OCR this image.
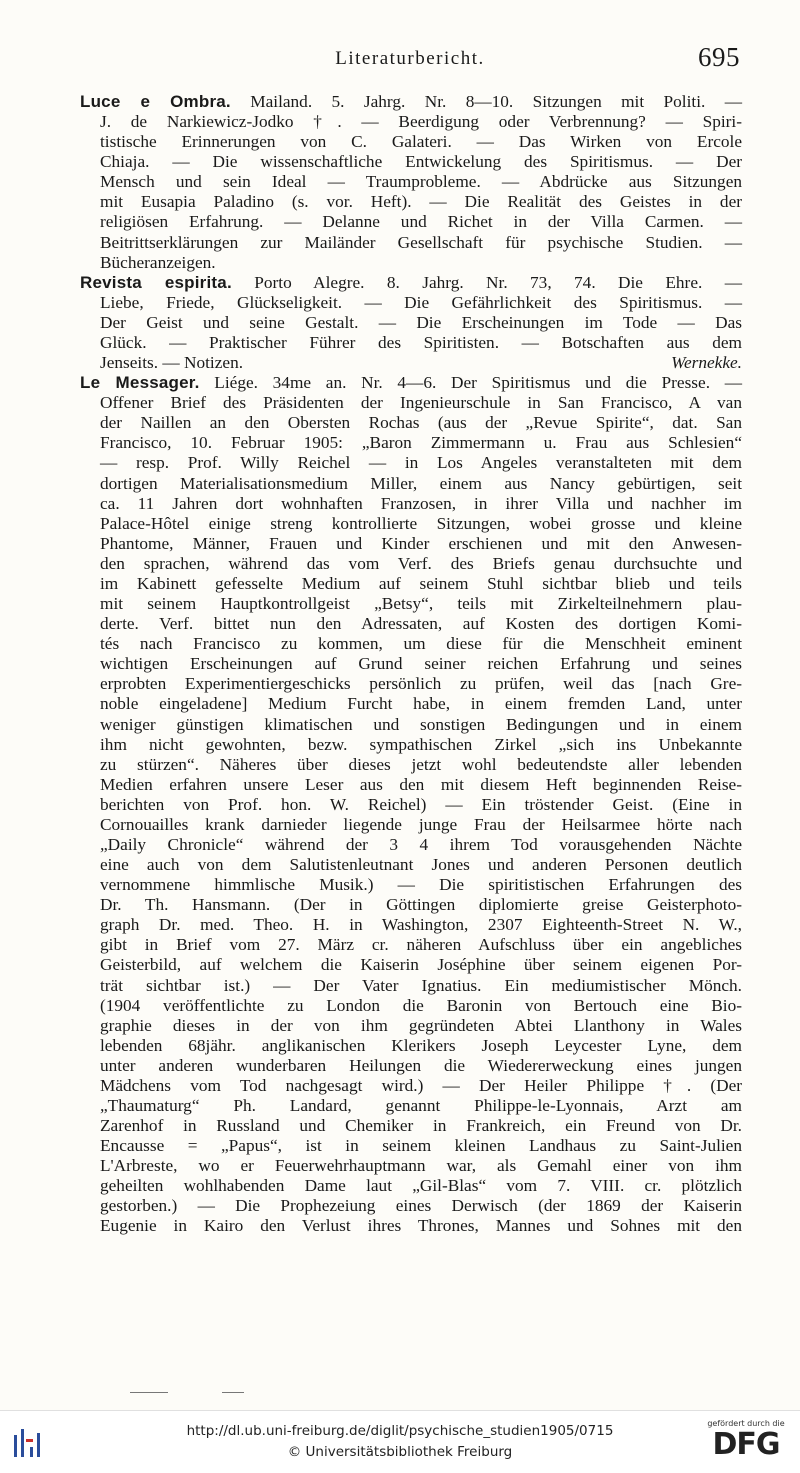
Literaturbericht.	695
Luce e Ombra. Mailand. 5. Jahrg. Nr. 8—10. Sitzungen mit Politi. —
J. de Narkiewicz-Jodko †. — Beerdigung oder Verbrennung? — Spiri-
tistische Erinnerungen von C. Galateri. — Das Wirken von Ercole
Chiaja. — Die wissenschaftliche Entwickelung des Spiritismus. — Der
Mensch und sein Ideal — Traumprobleme. — Abdrücke aus Sitzungen
mit Eusapia Paladino (s. vor. Heft). — Die Realität des Geistes in der
religiösen Erfahrung. — Delanne und Richet in der Villa Carmen. —
Beitrittserklärungen zur Mailänder Gesellschaft für psychische Studien. —
Bücheranzeigen.
Revista espirita. Porto Alegre. 8. Jahrg. Nr. 73, 74. Die Ehre. —
Liebe, Friede, Glückseligkeit. — Die Gefährlichkeit des Spiritismus. —
Der Geist und seine Gestalt. — Die Erscheinungen im Tode — Das
Glück. — Praktischer Führer des Spiritisten. — Botschaften aus dem
Jenseits. — Notizen.	Wernekke.
Le Messager. Liége. 34me an. Nr. 4—6. Der Spiritismus und die Presse. —
Offener Brief des Präsidenten der Ingenieurschule in San Francisco, A van
der Naillen an den Obersten Rochas (aus der „Revue Spirite“, dat. San
Francisco, 10. Februar 1905: „Baron Zimmermann u. Frau aus Schlesien“
— resp. Prof. Willy Reichel — in Los Angeles veranstalteten mit dem
dortigen Materialisationsmedium Miller, einem aus Nancy gebürtigen, seit
ca. 11 Jahren dort wohnhaften Franzosen, in ihrer Villa und nachher im
Palace-Hôtel einige streng kontrollierte Sitzungen, wobei grosse und kleine
Phantome, Männer, Frauen und Kinder erschienen und mit den Anwesen-
den sprachen, während das vom Verf. des Briefs genau durchsuchte und
im Kabinett gefesselte Medium auf seinem Stuhl sichtbar blieb und teils
mit seinem Hauptkontrollgeist „Betsy“, teils mit Zirkelteilnehmern plau-
derte. Verf. bittet nun den Adressaten, auf Kosten des dortigen Komi-
tés nach Francisco zu kommen, um diese für die Menschheit eminent
wichtigen Erscheinungen auf Grund seiner reichen Erfahrung und seines
erprobten Experimentiergeschicks persönlich zu prüfen, weil das [nach Gre-
noble eingeladene] Medium Furcht habe, in einem fremden Land, unter
weniger günstigen klimatischen und sonstigen Bedingungen und in einem
ihm nicht gewohnten, bezw. sympathischen Zirkel „sich ins Unbekannte
zu stürzen“. Näheres über dieses jetzt wohl bedeutendste aller lebenden
Medien erfahren unsere Leser aus den mit diesem Heft beginnenden Reise-
berichten von Prof. hon. W. Reichel) — Ein tröstender Geist. (Eine in
Cornouailles krank darnieder liegende junge Frau der Heilsarmee hörte nach
„Daily Chronicle“ während der 3 4 ihrem Tod vorausgehenden Nächte
eine auch von dem Salutistenleutnant Jones und anderen Personen deutlich
vernommene himmlische Musik.) — Die spiritistischen Erfahrungen des
Dr. Th. Hansmann. (Der in Göttingen diplomierte greise Geisterphoto-
graph Dr. med. Theo. H. in Washington, 2307 Eighteenth-Street N. W.,
gibt in Brief vom 27. März cr. näheren Aufschluss über ein angebliches
Geisterbild, auf welchem die Kaiserin Joséphine über seinem eigenen Por-
trät sichtbar ist.) — Der Vater Ignatius. Ein mediumistischer Mönch.
(1904 veröffentlichte zu London die Baronin von Bertouch eine Bio-
graphie dieses in der von ihm gegründeten Abtei Llanthony in Wales
lebenden 68jähr. anglikanischen Klerikers Joseph Leycester Lyne, dem
unter anderen wunderbaren Heilungen die Wiedererweckung eines jungen
Mädchens vom Tod nachgesagt wird.) — Der Heiler Philippe †. (Der
„Thaumaturg“ Ph. Landard, genannt Philippe-le-Lyonnais, Arzt am
Zarenhof in Russland und Chemiker in Frankreich, ein Freund von Dr.
Encausse = „Papus“, ist in seinem kleinen Landhaus zu Saint-Julien
L'Arbreste, wo er Feuerwehrhauptmann war, als Gemahl einer von ihm
geheilten wohlhabenden Dame laut „Gil-Blas“ vom 7. VIII. cr. plötzlich
gestorben.) — Die Prophezeiung eines Derwisch (der 1869 der Kaiserin
Eugenie in Kairo den Verlust ihres Thrones, Mannes und Sohnes mit den
http://dl.ub.uni-freiburg.de/diglit/psychische_studien1905/0715
© Universitätsbibliothek Freiburg
gefördert durch die
DFG
